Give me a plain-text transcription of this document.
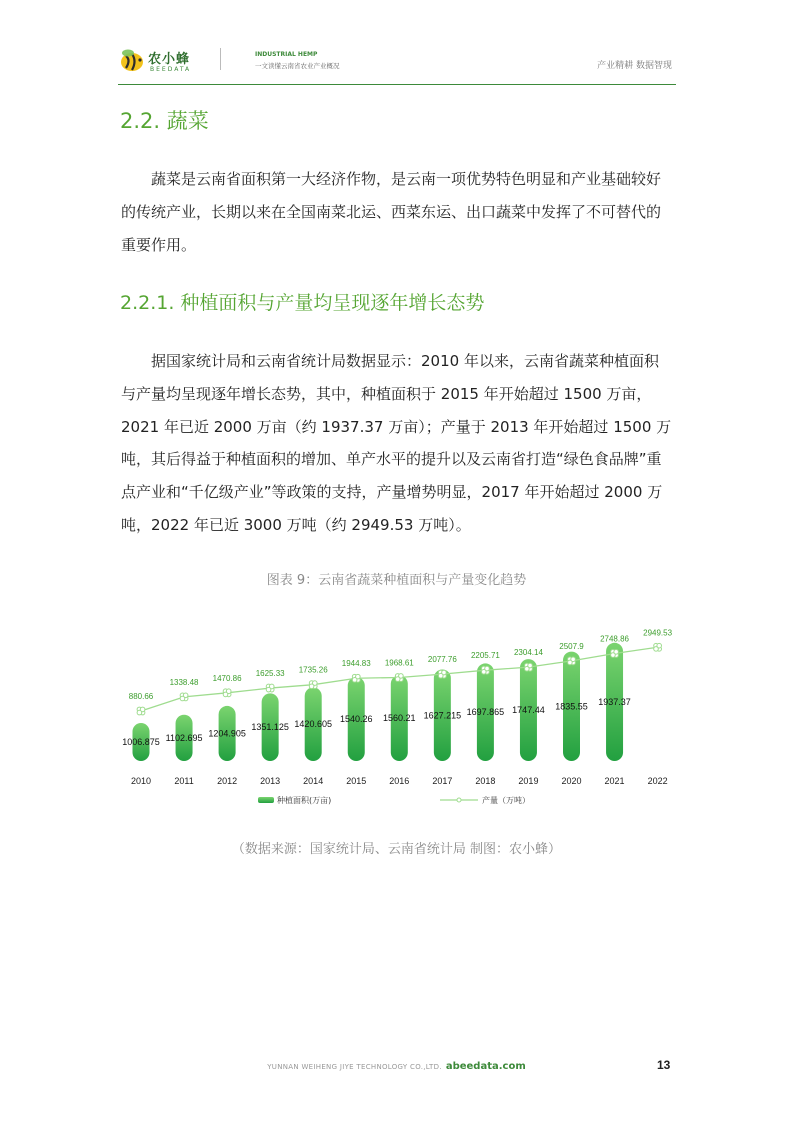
农小蜂
BEEDATA
INDUSTRIAL HEMP
一文读懂云南省农业产业概况	产业精耕 数据智现
2.2. 蔬菜

蔬菜是云南省面积第一大经济作物，是云南一项优势特色明显和产业基础较好的传统产业，长期以来在全国南菜北运、西菜东运、出口蔬菜中发挥了不可替代的重要作用。

2.2.1. 种植面积与产量均呈现逐年增长态势

据国家统计局和云南省统计局数据显示：2010 年以来，云南省蔬菜种植面积与产量均呈现逐年增长态势，其中，种植面积于 2015 年开始超过 1500 万亩，2021 年已近 2000 万亩（约 1937.37 万亩）；产量于 2013 年开始超过 1500 万吨，其后得益于种植面积的增加、单产水平的提升以及云南省打造“绿色食品牌”重点产业和“千亿级产业”等政策的支持，产量增势明显，2017 年开始超过 2000 万吨，2022 年已近 3000 万吨（约 2949.53 万吨）。

图表 9：云南省蔬菜种植面积与产量变化趋势
1006.875 1102.695 1204.905
1351.125 1420.605
1540.26 1560.21 1627.215 1697.865 1747.44 1835.55 1937.37
880.66
1338.48 1470.86
1625.33 1735.26
1944.83 1968.61 2077.76 2205.71 2304.14
2507.9
2748.86
2949.53
2010	2011	2012	2013	2014	2015	2016	2017	2018	2019	2020	2021	2022
种植面积(万亩)	产量（万吨）
（数据来源：国家统计局、云南省统计局 制图：农小蜂）
YUNNAN WEIHENG JIYE TECHNOLOGY CO.,LTD. abeedata.com	13
